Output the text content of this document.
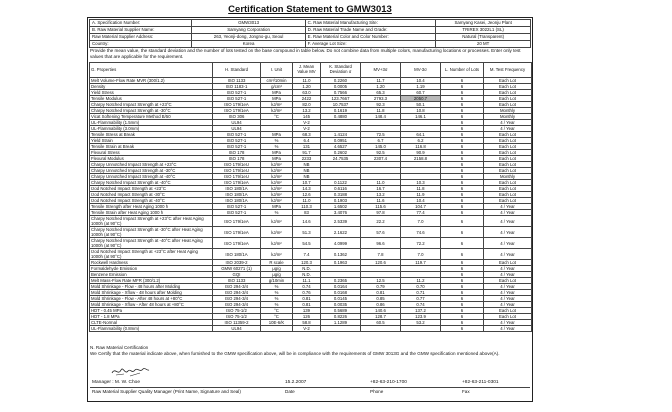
Certification Statement to GMW3013
A. Specification Number:	GMW3013	C. Raw Material Manufacturing Site:	Samyang Kasei, Jeonju Plant
B. Raw Material Supplier Name:	Samyang Corporation	D. Raw Material Trade Name and Grade:	TRIREX 3022L1 (SL)
Raw Material Supplier Address:	263, Yeonji-dong, Jongno-gu, Seoul	E. Raw Material Color and Color Number:	Natural (Transparent)
Country:	Korea	F. Average Lot Size:	20 MT
Provide the mean value, the standard deviation and the number of lots tested on the base compound in table below. Do not combine data from multiple colors, manufacturing locations or processes. Enter only test values that are applicable for the requirement.
G. Properties	H. Standard	I. Unit	J. Mean Value MV	K. Standard Deviation σ	MV+3σ	MV-3σ	L. Number of Lots	M. Test Frequency
Melt Volume-Flow Rate MVR (300/1.2)	ISO 1133	cm³/10min	11.0	0.2260	11.7	10.4	6	Each Lot
Density	ISO 1183-1	g/cm³	1.20	0.0005	1.20	1.19	6	Each Lot
Yield Stress	ISO 527-1	MPa	63.0	0.7566	65.3	60.7	6	Each Lot
Tensile Modulus	ISO 527-1	MPa	2422	123.7667	2793.3	2050.7	6	Each Lot
Charpy Notched Impact Strength at +23°C	ISO 179/1eA	kJ/m²	82.0	10.7537	92.3	50.1	6	Each Lot
Charpy Notched Impact Strength at -30°C	ISO 179/1eA	kJ/m²	13.2	0.1619	11.8	10.8	6	Monthly
Vicat Softening Temperature Method B/50	ISO 306	°C	145	0.4880	148.4	146.1	6	Monthly
UL-Flammability (1.5mm)	UL94		V-2				6	4 / Year
UL-Flammability (3.0mm)	UL94		V-2				6	4 / Year
Tensile Stress at Break	ISO 527-1	MPa	68.3	1.4124	72.5	64.1	6	Each Lot
Yield Strain	ISO 527-1	%	6.4	0.0951	6.7	6.2	6	Each Lot
Tensile Strain at Break	ISO 527-1	%	131	4.6527	145.0	116.8	6	Each Lot
Flexural Stress	ISO 178	MPa	91.7	0.2602	92.5	90.9	6	Each Lot
Flexural Modulus	ISO 178	MPa	2233	24.7535	2307.4	2158.8	6	Each Lot
Charpy Unnotched Impact Strength at +23°C	ISO 179/1eU	kJ/m²	NB				6	Each Lot
Charpy Unnotched Impact Strength at -30°C	ISO 179/1eU	kJ/m²	NB				6	Each Lot
Charpy Unnotched Impact Strength at -40°C	ISO 179/1eU	kJ/m²	NB				6	Monthly
Charpy Notched Impact Strength at -40°C	ISO 179/1eA	kJ/m²	10.7	0.1122	11.0	10.3	6	Each Lot
Izod Notched Impact Strength at +23°C	ISO 180/1A	kJ/m²	14.3	0.6116	16.7	11.8	6	Each Lot
Izod Notched Impact Strength at -30°C	ISO 180/1A	kJ/m²	12.6	0.3188	13.2	11.9	6	Each Lot
Izod Notched Impact Strength at -40°C	ISO 180/1A	kJ/m²	11.0	0.1903	11.6	10.4	6	Each Lot
Tensile Strength after Heat Aging 1000 h	ISO 527-1	MPa	110.3	1.6502	115.6	104.7	6	4 / Year
Tensile Strain after Heat Aging 1000 h	ISO 527-1	%	83	3.4076	97.8	77.4	6	4 / Year
Charpy Notched Impact Strength at +23°C after Heat Aging 1000h (at 90°C)	ISO 179/1eA	kJ/m²	14.6	2.5339	22.2	7.0	6	4 / Year
Charpy Notched Impact Strength at -30°C after Heat Aging 1000h (at 90°C)	ISO 179/1eA	kJ/m²	51.3	2.1622	57.6	74.6	6	4 / Year
Charpy Notched Impact Strength at -40°C after Heat Aging 1000h (at 90°C)	ISO 179/1eA	kJ/m²	54.5	4.0999	96.6	72.2	6	4 / Year
Izod Notched Impact Strength at +23°C after Heat Aging 1000h (at 90°C)	ISO 180/1A	kJ/m²	7.4	0.1362	7.8	7.0	6	4 / Year
Rockwell Hardness	ISO 2039-2	R scale	120.3	0.1963	120.6	119.7	6	Each Lot
Formaldehyde Emission	GMW 60271 (1)	μg/g	N.D.				6	4 / Year
Benzene Emission	GQI	μg/g	N.D.				6	4 / Year
Melt Mass-Flow Rate MFR (300/1.2)	ISO 1133	g/10min	11.1	0.2365	12.5	11.2	6	Each Lot
Mold Shrinkage - Flow - 48 hours after Molding	ISO 294-3/4	%	0.74	0.0164	0.79	0.70	6	4 / Year
Mold Shrinkage - Xflow - 48 hours after Molding	ISO 294-3/4	%	0.76	0.0168	0.81	0.71	6	4 / Year
Mold Shrinkage - Flow - After 48 hours at +80°C	ISO 294-3/4	%	0.81	0.0145	0.85	0.77	6	4 / Year
Mold Shrinkage - Xflow - After 48 hours at +80°C	ISO 294-3/4	%	0.81	0.0035	0.86	0.74	6	4 / Year
HDT - 0.45 MPa	ISO 75-1/2	°C	139	0.5689	140.6	137.2	6	Each Lot
HDT - 1.8 MPa	ISO 75-1/2	°C	126	0.8226	128.7	123.9	6	Each Lot
CLTE-Normal	ISO 11359-2	10E-6/K	58.8	1.1289	60.5	53.2	6	4 / Year
UL-Flammability (0.8mm)	UL94		V-2				6	4 / Year
N. Raw Material Certification
We Certify that the material indicate above, when furnished to the GMW specification above, will be in compliance with the requirements of GMW 3013G and the GMW specification mentioned above(A).
Manager : M. W. Choe	15.2.2007	+82-63-210-1700	+82-63-211-0301
Raw Material Supplier Quality Manager (Print Name, Signature and Seal)	Date	Phone	Fax
